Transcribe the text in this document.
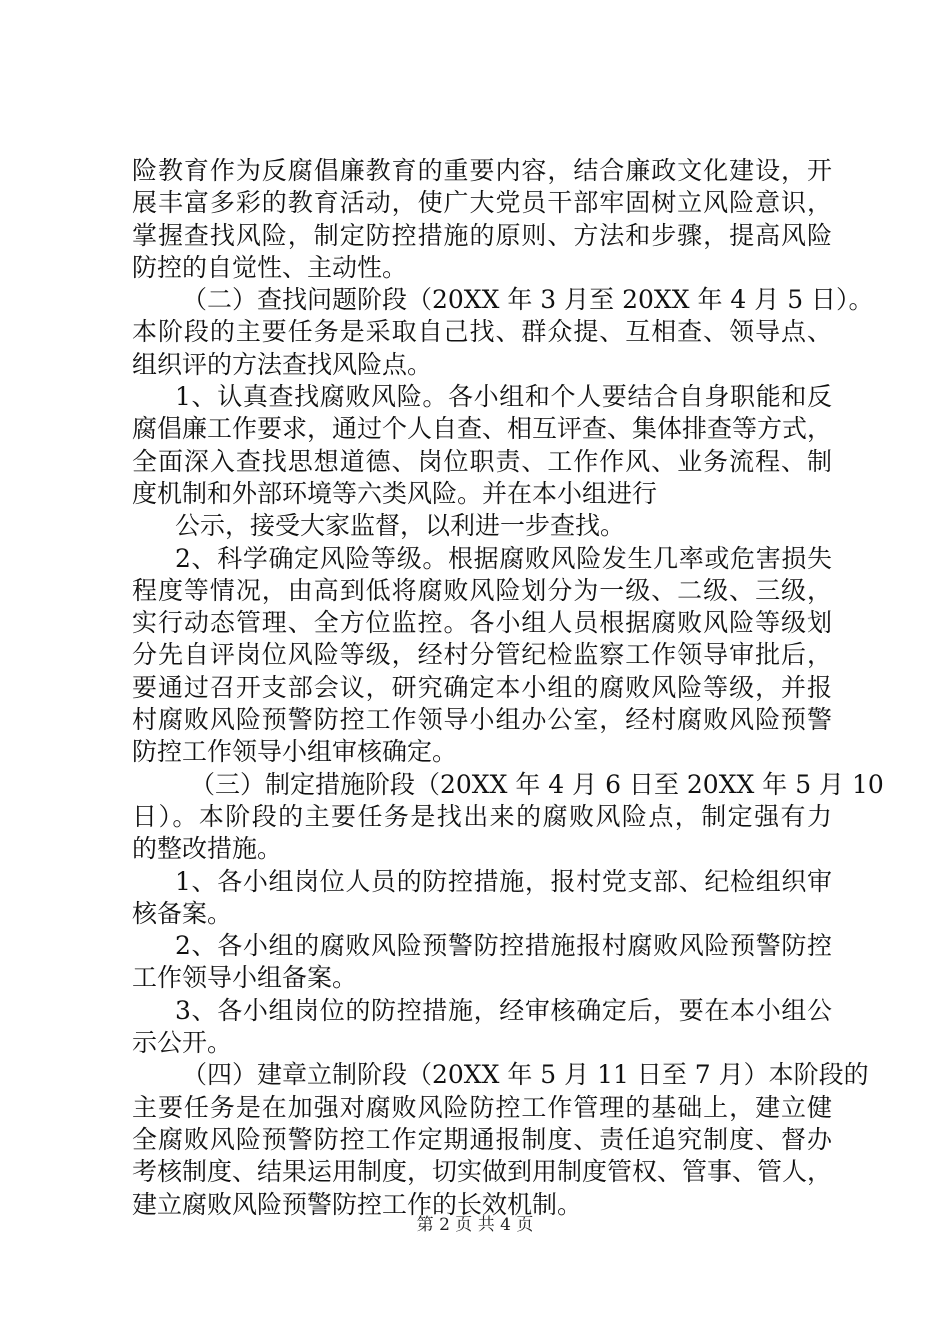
险教育作为反腐倡廉教育的重要内容，结合廉政文化建设，开
展丰富多彩的教育活动，使广大党员干部牢固树立风险意识，
掌握查找风险，制定防控措施的原则、方法和步骤，提高风险
防控的自觉性、主动性。
（二）查找问题阶段（20XX 年 3 月至 20XX 年 4 月 5 日）。
本阶段的主要任务是采取自己找、群众提、互相查、领导点、
组织评的方法查找风险点。
1、认真查找腐败风险。各小组和个人要结合自身职能和反
腐倡廉工作要求，通过个人自查、相互评查、集体排查等方式，
全面深入查找思想道德、岗位职责、工作作风、业务流程、制
度机制和外部环境等六类风险。并在本小组进行
公示，接受大家监督，以利进一步查找。
2、科学确定风险等级。根据腐败风险发生几率或危害损失
程度等情况，由高到低将腐败风险划分为一级、二级、三级，
实行动态管理、全方位监控。各小组人员根据腐败风险等级划
分先自评岗位风险等级，经村分管纪检监察工作领导审批后，
要通过召开支部会议，研究确定本小组的腐败风险等级，并报
村腐败风险预警防控工作领导小组办公室，经村腐败风险预警
防控工作领导小组审核确定。
（三）制定措施阶段（20XX 年 4 月 6 日至 20XX 年 5 月 10
日）。本阶段的主要任务是找出来的腐败风险点，制定强有力
的整改措施。
1、各小组岗位人员的防控措施，报村党支部、纪检组织审
核备案。
2、各小组的腐败风险预警防控措施报村腐败风险预警防控
工作领导小组备案。
3、各小组岗位的防控措施，经审核确定后，要在本小组公
示公开。
（四）建章立制阶段（20XX 年 5 月 11 日至 7 月）本阶段的
主要任务是在加强对腐败风险防控工作管理的基础上，建立健
全腐败风险预警防控工作定期通报制度、责任追究制度、督办
考核制度、结果运用制度，切实做到用制度管权、管事、管人，
建立腐败风险预警防控工作的长效机制。
第 2 页 共 4 页
